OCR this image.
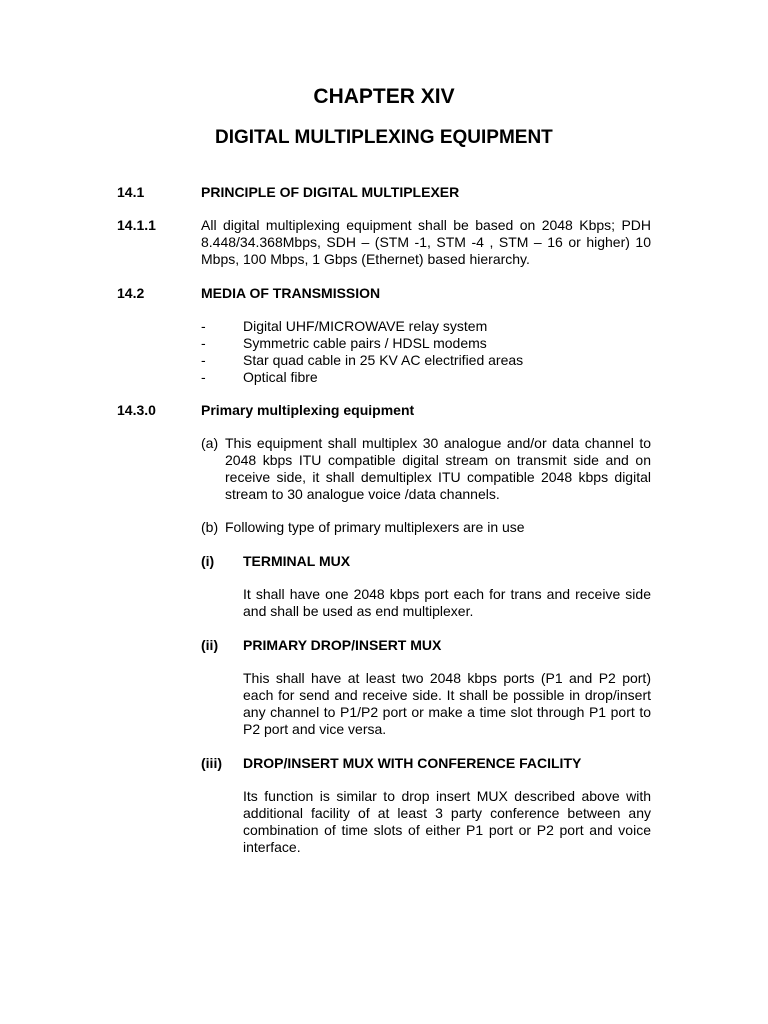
CHAPTER XIV
DIGITAL MULTIPLEXING EQUIPMENT
14.1	PRINCIPLE OF DIGITAL MULTIPLEXER
14.1.1	All digital multiplexing equipment shall be based on 2048 Kbps; PDH
8.448/34.368Mbps, SDH – (STM -1, STM -4 , STM – 16 or higher) 10
Mbps, 100 Mbps, 1 Gbps (Ethernet) based hierarchy.
14.2	MEDIA OF TRANSMISSION
-	Digital UHF/MICROWAVE relay system
-	Symmetric cable pairs / HDSL modems
-	Star quad cable in 25 KV AC electrified areas
-	Optical fibre
14.3.0	Primary multiplexing equipment
(a) This equipment shall multiplex 30 analogue and/or data channel to
2048 kbps ITU compatible digital stream on transmit side and on
receive side, it shall demultiplex ITU compatible 2048 kbps digital
stream to 30 analogue voice /data channels.
(b) Following type of primary multiplexers are in use
(i) TERMINAL MUX
It shall have one 2048 kbps port each for trans and receive side
and shall be used as end multiplexer.
(ii) PRIMARY DROP/INSERT MUX
This shall have at least two 2048 kbps ports (P1 and P2 port)
each for send and receive side. It shall be possible in drop/insert
any channel to P1/P2 port or make a time slot through P1 port to
P2 port and vice versa.
(iii) DROP/INSERT MUX WITH CONFERENCE FACILITY
Its function is similar to drop insert MUX described above with
additional facility of at least 3 party conference between any
combination of time slots of either P1 port or P2 port and voice
interface.
